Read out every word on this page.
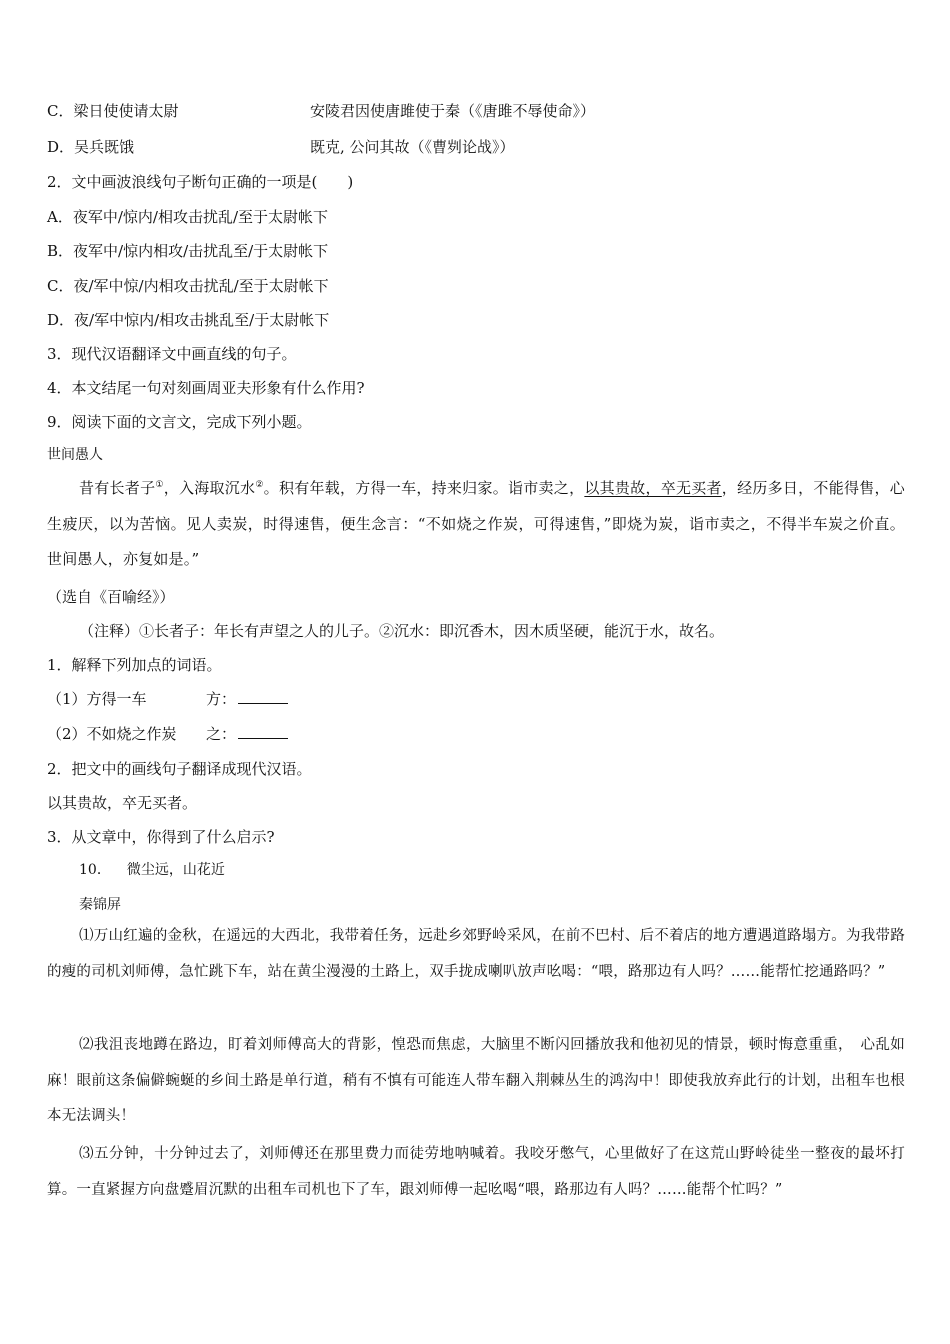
C．梁日使使请太尉	安陵君因使唐雎使于秦（《唐雎不辱使命》）
D．吴兵既饿	既克, 公问其故（《曹刿论战》）
2．文中画波浪线句子断句正确的一项是(　　)
A．夜军中/惊内/相攻击扰乱/至于太尉帐下
B．夜军中/惊内相攻/击扰乱至/于太尉帐下
C．夜/军中惊/内相攻击扰乱/至于太尉帐下
D．夜/军中惊内/相攻击挑乱至/于太尉帐下
3．现代汉语翻译文中画直线的句子。
4．本文结尾一句对刻画周亚夫形象有什么作用?
9．阅读下面的文言文，完成下列小题。
世间愚人
昔有长者子①，入海取沉水②。积有年载，方得一车，持来归家。诣市卖之，以其贵故，卒无买者，经历多日，不能得售，心生疲厌，以为苦恼。见人卖炭，时得速售，便生念言：“不如烧之作炭，可得速售，”即烧为炭，诣市卖之，不得半车炭之价直。世间愚人，亦复如是。”
（选自《百喻经》）
（注释）①长者子：年长有声望之人的儿子。②沉水：即沉香木，因木质坚硬，能沉于水，故名。
1．解释下列加点的词语。
（1）方得一车	方：
（2）不如烧之作炭 之：
2．把文中的画线句子翻译成现代汉语。
以其贵故，卒无买者。
3．从文章中，你得到了什么启示?
10． 微尘远，山花近
秦锦屏
⑴万山红遍的金秋，在遥远的大西北，我带着任务，远赴乡郊野岭采风，在前不巴村、后不着店的地方遭遇道路塌方。为我带路的瘦的司机刘师傅，急忙跳下车，站在黄尘漫漫的土路上，双手拢成喇叭放声吆喝：“喂，路那边有人吗？……能帮忙挖通路吗？”
⑵我沮丧地蹲在路边，盯着刘师傅高大的背影，惶恐而焦虑，大脑里不断闪回播放我和他初见的情景，顿时悔意重重，　心乱如麻！眼前这条偏僻蜿蜒的乡间土路是单行道，稍有不慎有可能连人带车翻入荆棘丛生的鸿沟中！即使我放弃此行的计划，出租车也根本无法调头！
⑶五分钟，十分钟过去了，刘师傅还在那里费力而徒劳地呐喊着。我咬牙憋气，心里做好了在这荒山野岭徒坐一整夜的最坏打算。一直紧握方向盘蹙眉沉默的出租车司机也下了车，跟刘师傅一起吆喝“喂，路那边有人吗？……能帮个忙吗？”
